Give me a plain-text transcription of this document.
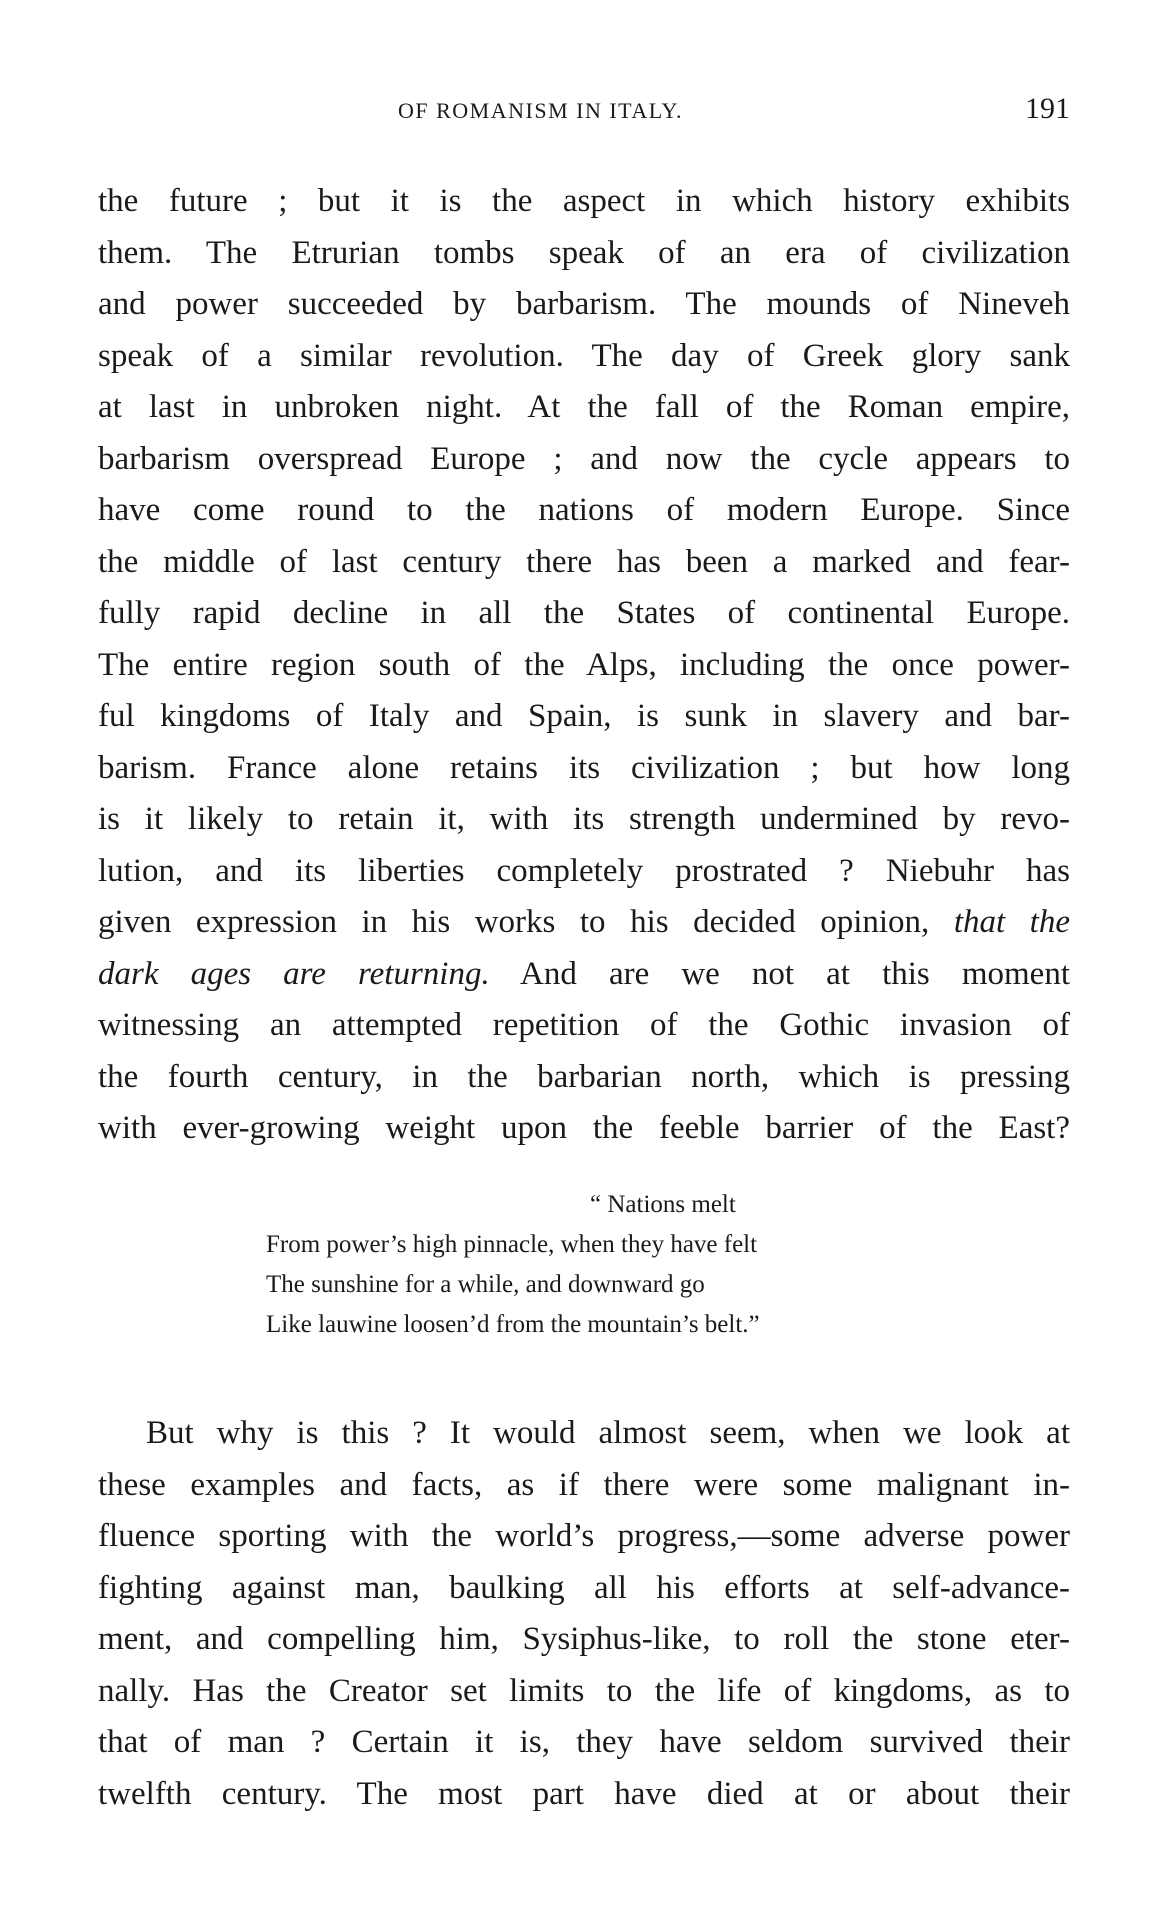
OF ROMANISM IN ITALY.	191
the future ; but it is the aspect in which history exhibits
them. The Etrurian tombs speak of an era of civilization
and power succeeded by barbarism. The mounds of Nineveh
speak of a similar revolution. The day of Greek glory sank
at last in unbroken night. At the fall of the Roman empire,
barbarism overspread Europe ; and now the cycle appears to
have come round to the nations of modern Europe. Since
the middle of last century there has been a marked and fear-
fully rapid decline in all the States of continental Europe.
The entire region south of the Alps, including the once power-
ful kingdoms of Italy and Spain, is sunk in slavery and bar-
barism. France alone retains its civilization ; but how long
is it likely to retain it, with its strength undermined by revo-
lution, and its liberties completely prostrated ? Niebuhr has
given expression in his works to his decided opinion, that the
dark ages are returning. And are we not at this moment
witnessing an attempted repetition of the Gothic invasion of
the fourth century, in the barbarian north, which is pressing
with ever-growing weight upon the feeble barrier of the East?
“ Nations melt
From power’s high pinnacle, when they have felt
The sunshine for a while, and downward go
Like lauwine loosen’d from the mountain’s belt.”
But why is this ? It would almost seem, when we look at
these examples and facts, as if there were some malignant in-
fluence sporting with the world’s progress,—some adverse power
fighting against man, baulking all his efforts at self-advance-
ment, and compelling him, Sysiphus-like, to roll the stone eter-
nally. Has the Creator set limits to the life of kingdoms, as to
that of man ? Certain it is, they have seldom survived their
twelfth century. The most part have died at or about their
